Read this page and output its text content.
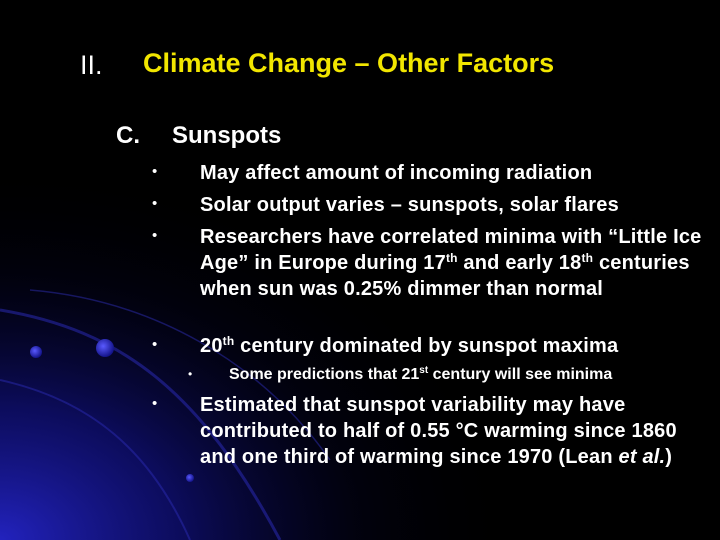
II. Climate Change – Other Factors
C. Sunspots
• May affect amount of incoming radiation
• Solar output varies – sunspots, solar flares
• Researchers have correlated minima with “Little Ice Age” in Europe during 17th and early 18th centuries when sun was 0.25% dimmer than normal
• 20th century dominated by sunspot maxima
• Some predictions that 21st century will see minima
• Estimated that sunspot variability may have contributed to half of 0.55 °C warming since 1860 and one third of warming since 1970 (Lean et al.)
